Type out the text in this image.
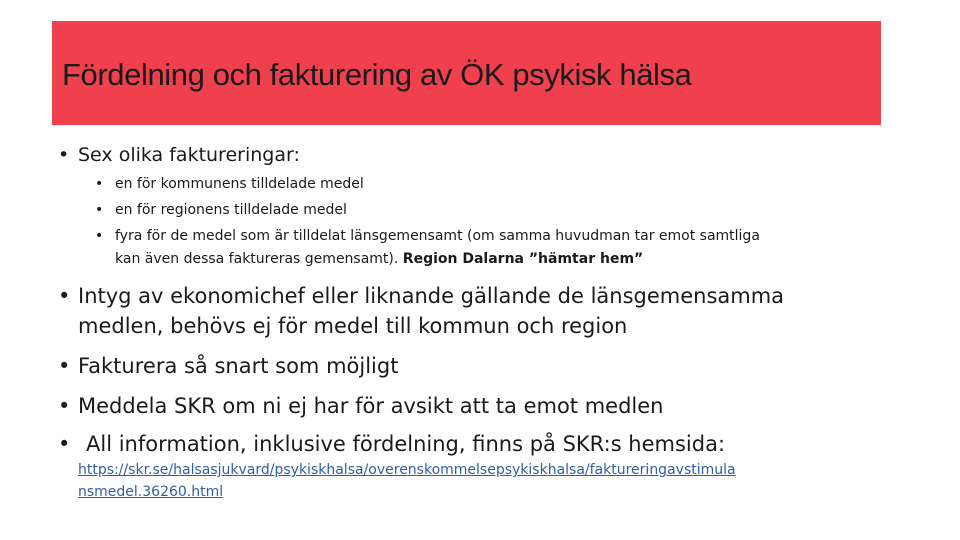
Fördelning och fakturering av ÖK psykisk hälsa
• Sex olika faktureringar:
• en för kommunens tilldelade medel
• en för regionens tilldelade medel
• fyra för de medel som är tilldelat länsgemensamt (om samma huvudman tar emot samtliga
kan även dessa faktureras gemensamt). Region Dalarna ”hämtar hem”
• Intyg av ekonomichef eller liknande gällande de länsgemensamma
medlen, behövs ej för medel till kommun och region
• Fakturera så snart som möjligt
• Meddela SKR om ni ej har för avsikt att ta emot medlen
• All information, inklusive fördelning, finns på SKR:s hemsida:
https://skr.se/halsasjukvard/psykiskhalsa/overenskommelsepsykiskhalsa/faktureringavstimula
nsmedel.36260.html
